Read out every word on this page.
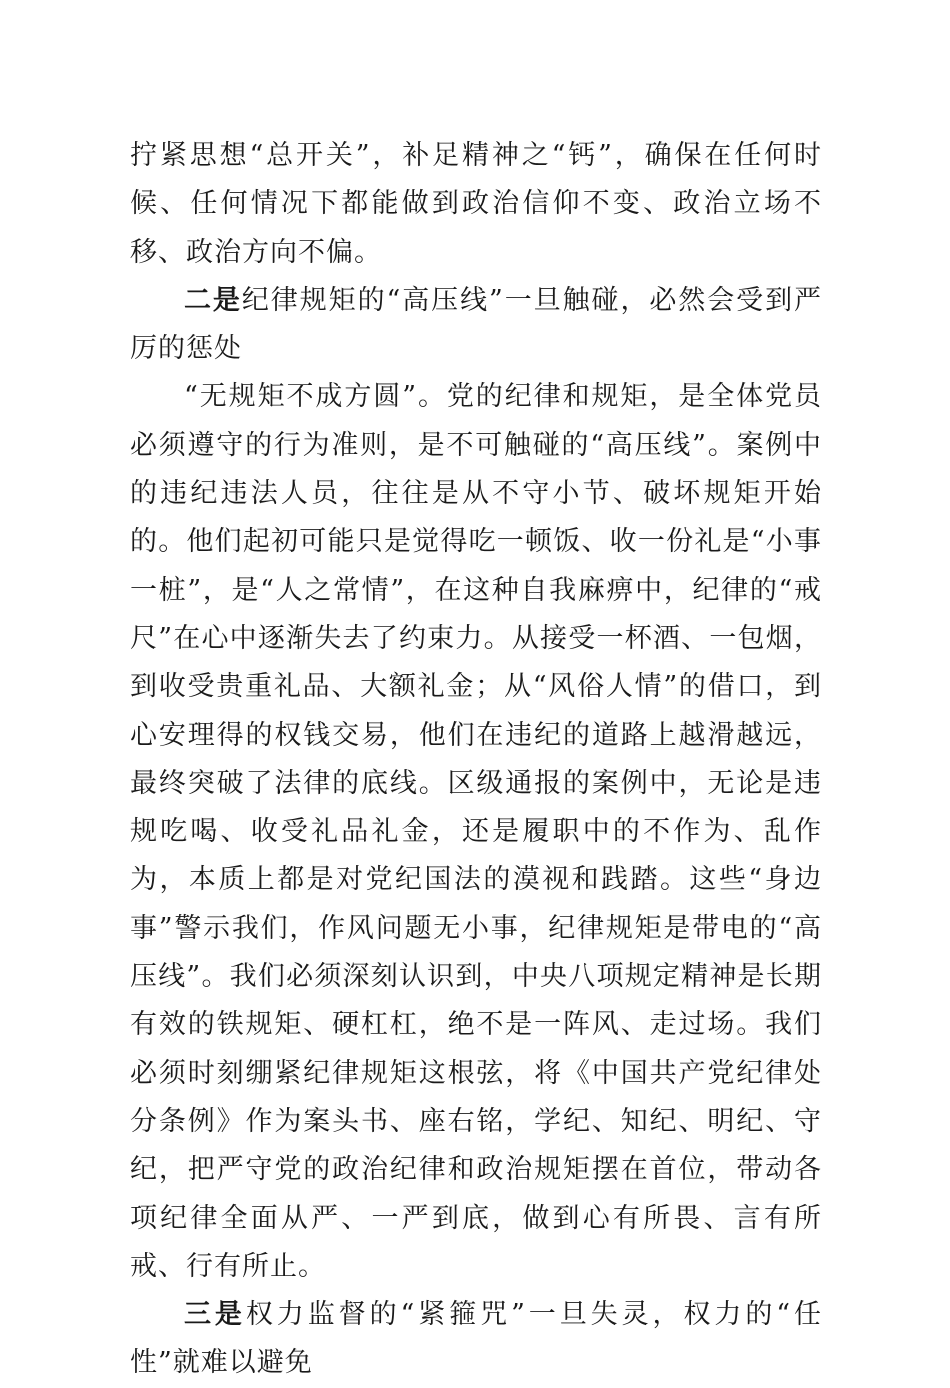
拧紧思想“总开关”，补足精神之“钙”，确保在任何时候、任何情况下都能做到政治信仰不变、政治立场不移、政治方向不偏。

二是纪律规矩的“高压线”一旦触碰，必然会受到严厉的惩处

“无规矩不成方圆”。党的纪律和规矩，是全体党员必须遵守的行为准则，是不可触碰的“高压线”。案例中的违纪违法人员，往往是从不守小节、破坏规矩开始的。他们起初可能只是觉得吃一顿饭、收一份礼是“小事一桩”，是“人之常情”，在这种自我麻痹中，纪律的“戒尺”在心中逐渐失去了约束力。从接受一杯酒、一包烟，到收受贵重礼品、大额礼金；从“风俗人情”的借口，到心安理得的权钱交易，他们在违纪的道路上越滑越远，最终突破了法律的底线。区级通报的案例中，无论是违规吃喝、收受礼品礼金，还是履职中的不作为、乱作为，本质上都是对党纪国法的漠视和践踏。这些“身边事”警示我们，作风问题无小事，纪律规矩是带电的“高压线”。我们必须深刻认识到，中央八项规定精神是长期有效的铁规矩、硬杠杠，绝不是一阵风、走过场。我们必须时刻绷紧纪律规矩这根弦，将《中国共产党纪律处分条例》作为案头书、座右铭，学纪、知纪、明纪、守纪，把严守党的政治纪律和政治规矩摆在首位，带动各项纪律全面从严、一严到底，做到心有所畏、言有所戒、行有所止。

三是权力监督的“紧箍咒”一旦失灵，权力的“任性”就难以避免
